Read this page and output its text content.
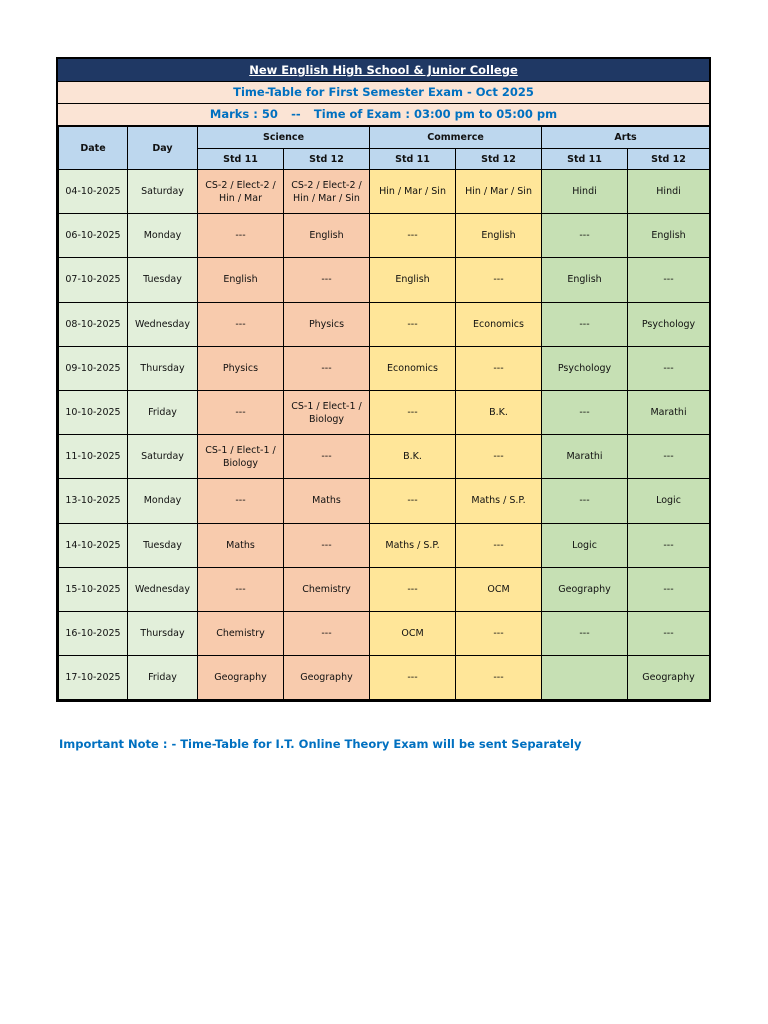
New English High School & Junior College
Time-Table for First Semester Exam - Oct 2025
Marks : 50 -- Time of Exam : 03:00 pm to 05:00 pm
Date	Day	Science		Commerce		Arts	
		Std 11	Std 12	Std 11	Std 12	Std 11	Std 12
04-10-2025	Saturday	CS-2 / Elect-2 / Hin / Mar	CS-2 / Elect-2 / Hin / Mar / Sin	Hin / Mar / Sin	Hin / Mar / Sin	Hindi	Hindi
06-10-2025	Monday	---	English	---	English	---	English
07-10-2025	Tuesday	English	---	English	---	English	---
08-10-2025	Wednesday	---	Physics	---	Economics	---	Psychology
09-10-2025	Thursday	Physics	---	Economics	---	Psychology	---
10-10-2025	Friday	---	CS-1 / Elect-1 / Biology	---	B.K.	---	Marathi
11-10-2025	Saturday	CS-1 / Elect-1 / Biology	---	B.K.	---	Marathi	---
13-10-2025	Monday	---	Maths	---	Maths / S.P.	---	Logic
14-10-2025	Tuesday	Maths	---	Maths / S.P.	---	Logic	---
15-10-2025	Wednesday	---	Chemistry	---	OCM	Geography	---
16-10-2025	Thursday	Chemistry	---	OCM	---	---	---
17-10-2025	Friday	Geography	Geography	---	---		Geography
Important Note : - Time-Table for I.T. Online Theory Exam will be sent Separately
